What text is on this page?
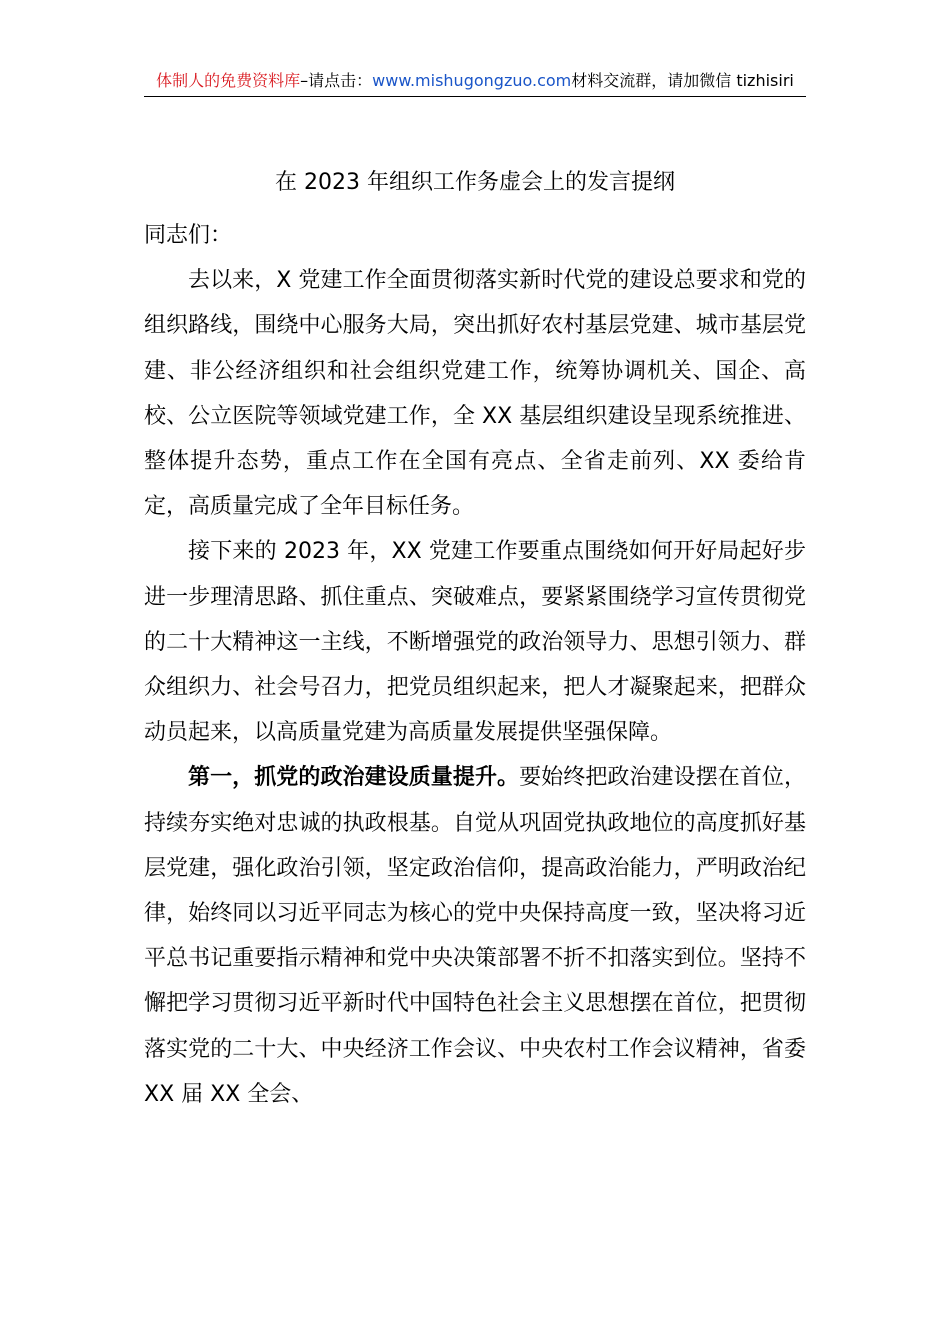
体制人的免费资料库–请点击：www.mishugongzuo.com材料交流群，请加微信 tizhisiri
在 2023 年组织工作务虚会上的发言提纲

同志们：

去以来，X 党建工作全面贯彻落实新时代党的建设总要求和党的组织路线，围绕中心服务大局，突出抓好农村基层党建、城市基层党建、非公经济组织和社会组织党建工作，统筹协调机关、国企、高校、公立医院等领域党建工作，全 XX 基层组织建设呈现系统推进、整体提升态势，重点工作在全国有亮点、全省走前列、XX 委给肯定，高质量完成了全年目标任务。

接下来的 2023 年，XX 党建工作要重点围绕如何开好局起好步进一步理清思路、抓住重点、突破难点，要紧紧围绕学习宣传贯彻党的二十大精神这一主线，不断增强党的政治领导力、思想引领力、群众组织力、社会号召力，把党员组织起来，把人才凝聚起来，把群众动员起来，以高质量党建为高质量发展提供坚强保障。

第一，抓党的政治建设质量提升。要始终把政治建设摆在首位，持续夯实绝对忠诚的执政根基。自觉从巩固党执政地位的高度抓好基层党建，强化政治引领，坚定政治信仰，提高政治能力，严明政治纪律，始终同以习近平同志为核心的党中央保持高度一致，坚决将习近平总书记重要指示精神和党中央决策部署不折不扣落实到位。坚持不懈把学习贯彻习近平新时代中国特色社会主义思想摆在首位，把贯彻落实党的二十大、中央经济工作会议、中央农村工作会议精神，省委 XX 届 XX 全会、
